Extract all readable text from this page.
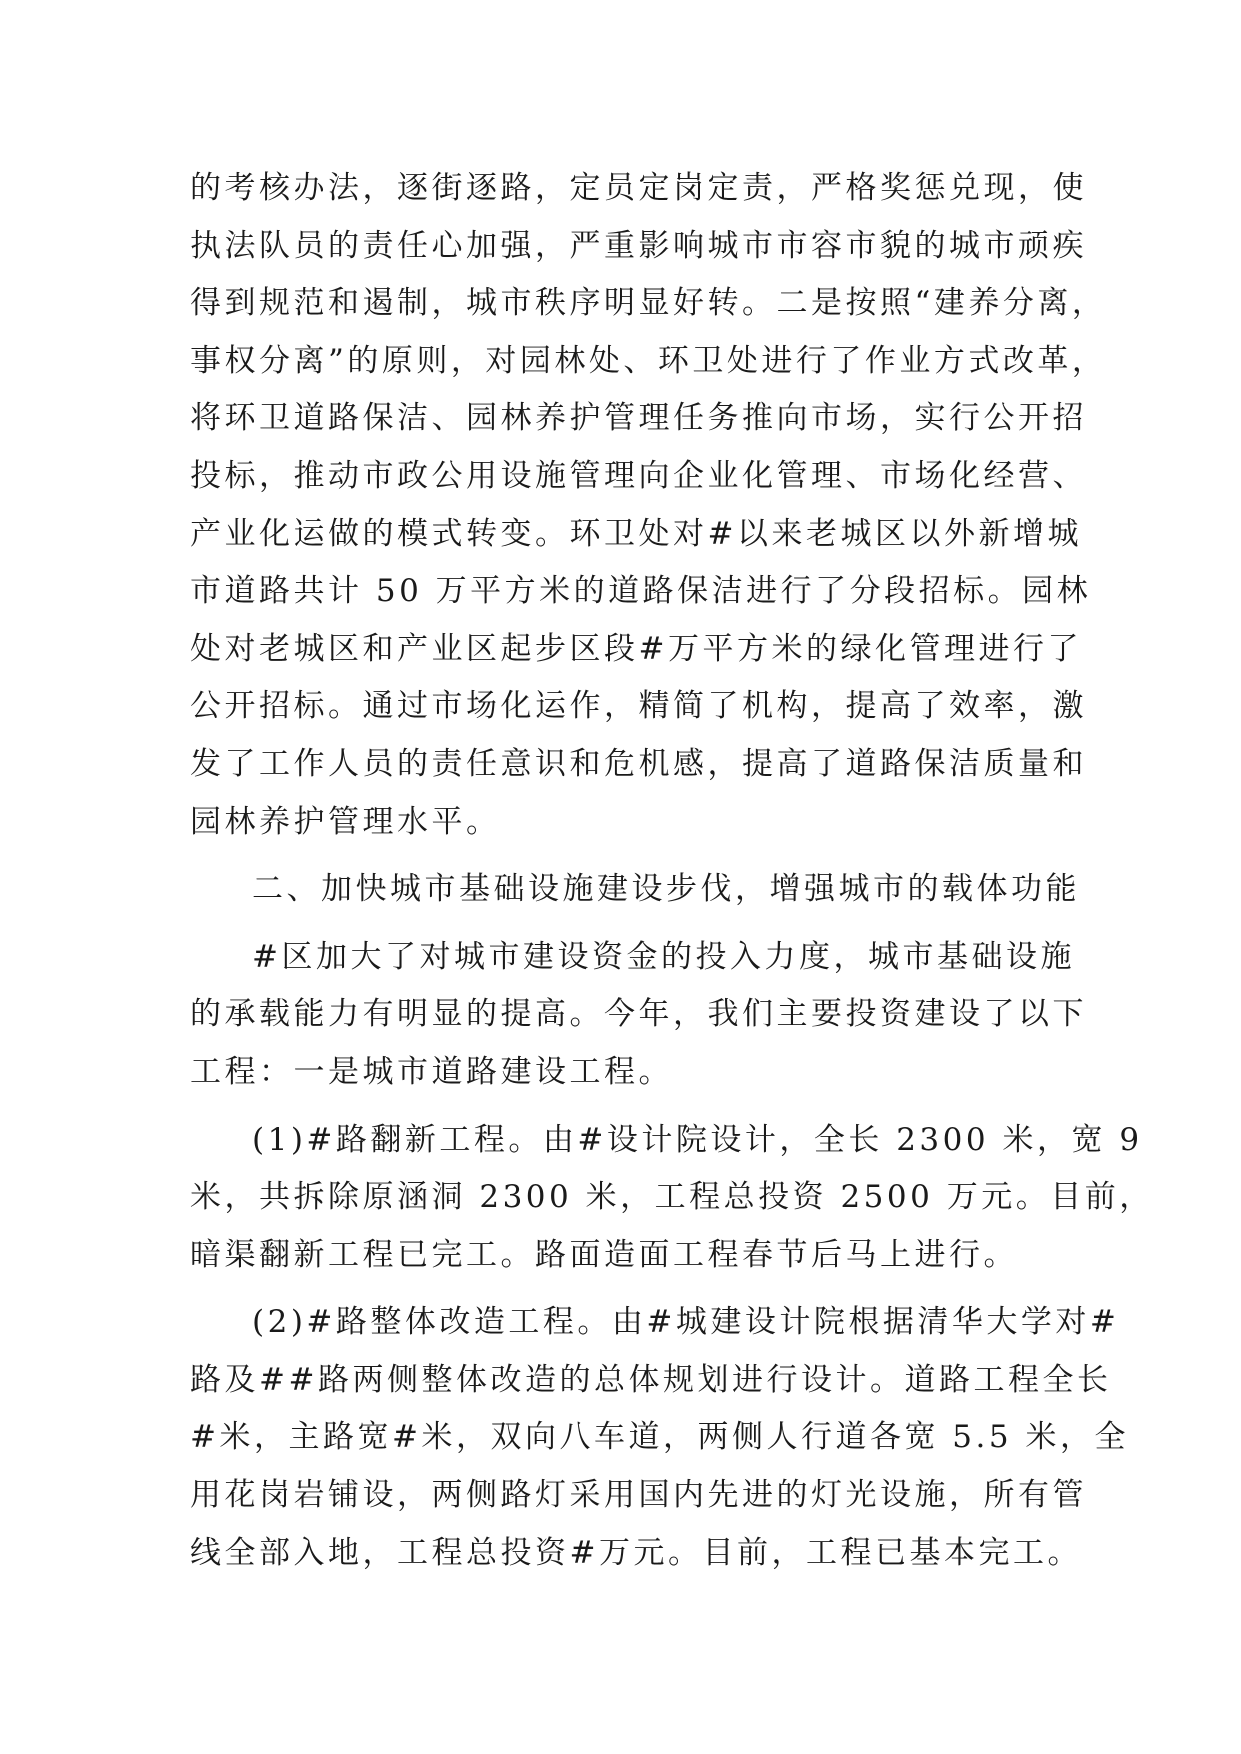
的考核办法，逐街逐路，定员定岗定责，严格奖惩兑现，使
执法队员的责任心加强，严重影响城市市容市貌的城市顽疾
得到规范和遏制，城市秩序明显好转。二是按照“建养分离，
事权分离”的原则，对园林处、环卫处进行了作业方式改革，
将环卫道路保洁、园林养护管理任务推向市场，实行公开招
投标，推动市政公用设施管理向企业化管理、市场化经营、
产业化运做的模式转变。环卫处对#以来老城区以外新增城
市道路共计 50 万平方米的道路保洁进行了分段招标。园林
处对老城区和产业区起步区段#万平方米的绿化管理进行了
公开招标。通过市场化运作，精简了机构，提高了效率，激
发了工作人员的责任意识和危机感，提高了道路保洁质量和
园林养护管理水平。
二、加快城市基础设施建设步伐，增强城市的载体功能
#区加大了对城市建设资金的投入力度，城市基础设施
的承载能力有明显的提高。今年，我们主要投资建设了以下
工程：一是城市道路建设工程。
(1)#路翻新工程。由#设计院设计，全长 2300 米，宽 9
米，共拆除原涵洞 2300 米，工程总投资 2500 万元。目前，
暗渠翻新工程已完工。路面造面工程春节后马上进行。
(2)#路整体改造工程。由#城建设计院根据清华大学对#
路及##路两侧整体改造的总体规划进行设计。道路工程全长
#米，主路宽#米，双向八车道，两侧人行道各宽 5.5 米，全
用花岗岩铺设，两侧路灯采用国内先进的灯光设施，所有管
线全部入地，工程总投资#万元。目前，工程已基本完工。
